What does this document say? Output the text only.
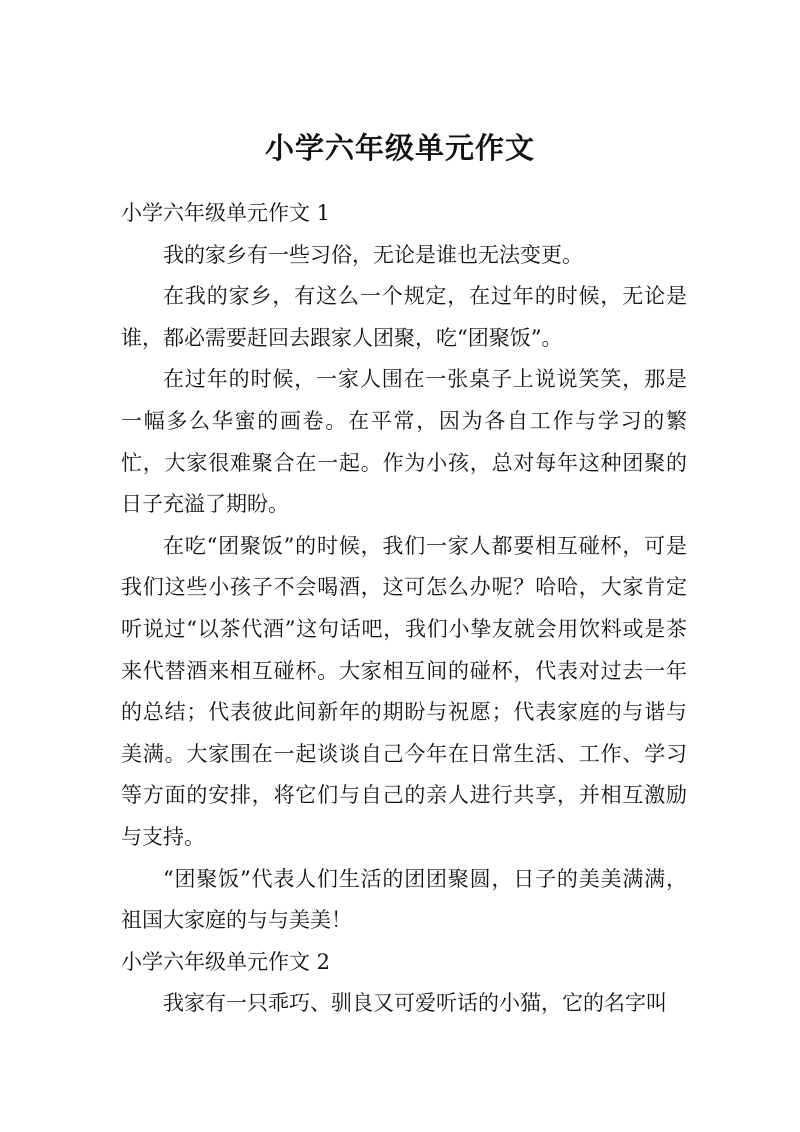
小学六年级单元作文
小学六年级单元作文 1

我的家乡有一些习俗，无论是谁也无法变更。

在我的家乡，有这么一个规定，在过年的时候，无论是谁，都必需要赶回去跟家人团聚，吃“团聚饭”。

在过年的时候，一家人围在一张桌子上说说笑笑，那是一幅多么华蜜的画卷。在平常，因为各自工作与学习的繁忙，大家很难聚合在一起。作为小孩，总对每年这种团聚的日子充溢了期盼。

在吃“团聚饭”的时候，我们一家人都要相互碰杯，可是我们这些小孩子不会喝酒，这可怎么办呢？哈哈，大家肯定听说过“以茶代酒”这句话吧，我们小挚友就会用饮料或是茶来代替酒来相互碰杯。大家相互间的碰杯，代表对过去一年的总结；代表彼此间新年的期盼与祝愿；代表家庭的与谐与美满。大家围在一起谈谈自己今年在日常生活、工作、学习等方面的安排，将它们与自己的亲人进行共享，并相互激励与支持。

“团聚饭”代表人们生活的团团聚圆，日子的美美满满，祖国大家庭的与与美美！

小学六年级单元作文 2

我家有一只乖巧、驯良又可爱听话的小猫，它的名字叫
